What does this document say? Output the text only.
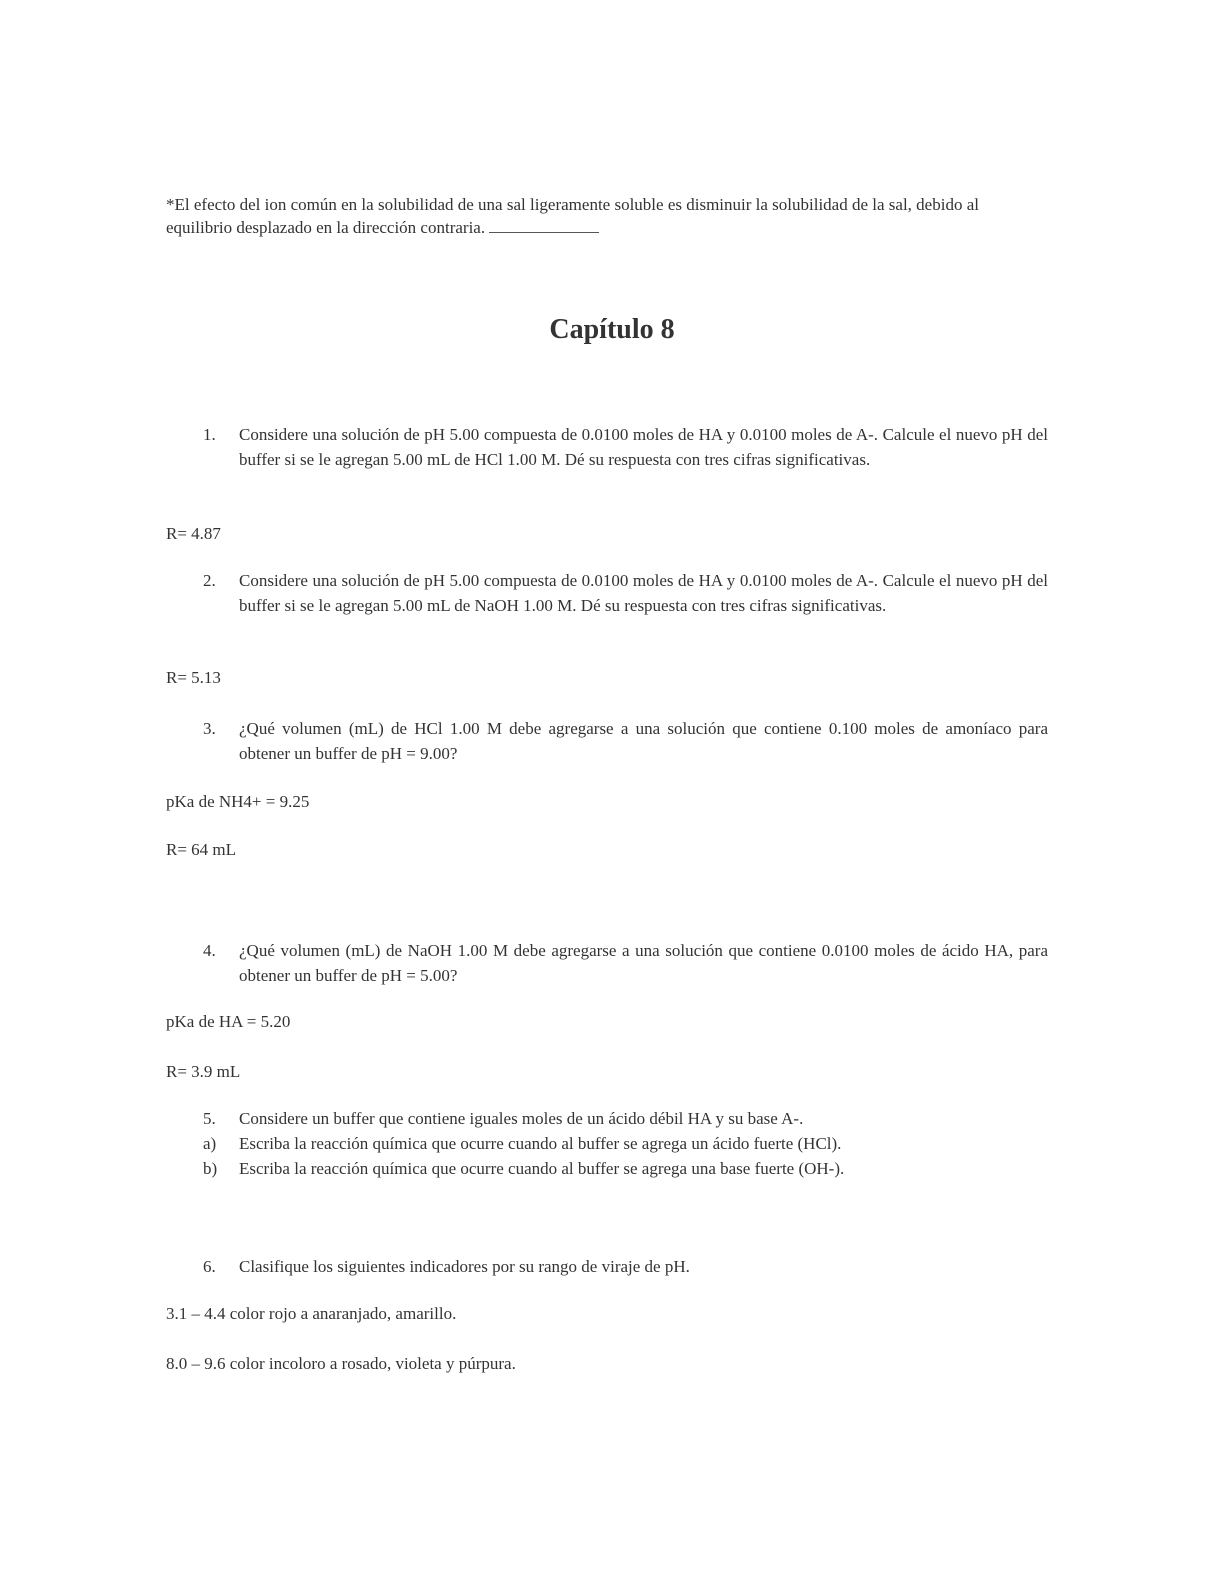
*El efecto del ion común en la solubilidad de una sal ligeramente soluble es disminuir la solubilidad de la sal, debido al equilibrio desplazado en la dirección contraria.

Capítulo 8
1.	Considere una solución de pH 5.00 compuesta de 0.0100 moles de HA y 0.0100 moles de A-. Calcule el nuevo pH del buffer si se le agregan 5.00 mL de HCl 1.00 M. Dé su respuesta con tres cifras significativas.

R= 4.87

2.	Considere una solución de pH 5.00 compuesta de 0.0100 moles de HA y 0.0100 moles de A-. Calcule el nuevo pH del buffer si se le agregan 5.00 mL de NaOH 1.00 M. Dé su respuesta con tres cifras significativas.

R= 5.13

3.	¿Qué volumen (mL) de HCl 1.00 M debe agregarse a una solución que contiene 0.100 moles de amoníaco para obtener un buffer de pH = 9.00?

pKa de NH4+ = 9.25

R= 64 mL

4.	¿Qué volumen (mL) de NaOH 1.00 M debe agregarse a una solución que contiene 0.0100 moles de ácido HA, para obtener un buffer de pH = 5.00?

pKa de HA = 5.20

R= 3.9 mL

5.	Considere un buffer que contiene iguales moles de un ácido débil HA y su base A-.
a)	Escriba la reacción química que ocurre cuando al buffer se agrega un ácido fuerte (HCl).
b)	Escriba la reacción química que ocurre cuando al buffer se agrega una base fuerte (OH-).
6.	Clasifique los siguientes indicadores por su rango de viraje de pH.

3.1 – 4.4 color rojo a anaranjado, amarillo.

8.0 – 9.6 color incoloro a rosado, violeta y púrpura.
